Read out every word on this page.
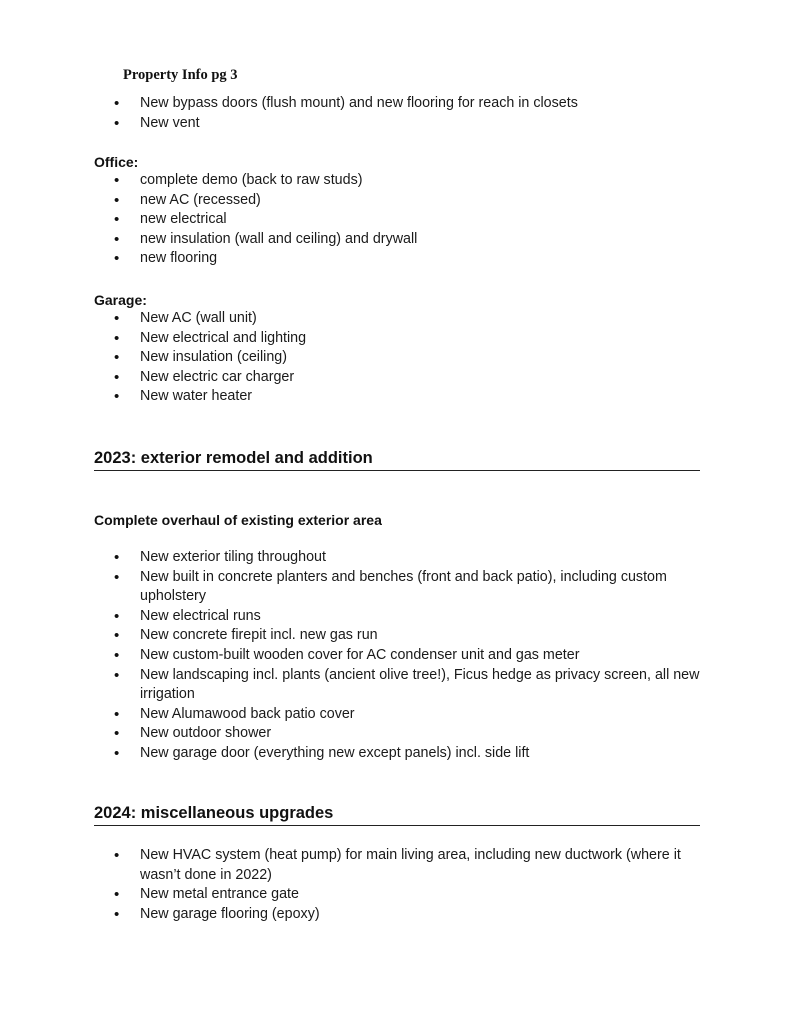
Property Info pg 3
• New bypass doors (flush mount) and new flooring for reach in closets
• New vent
Office:
• complete demo (back to raw studs)
• new AC (recessed)
• new electrical
• new insulation (wall and ceiling) and drywall
• new flooring
Garage:
• New AC (wall unit)
• New electrical and lighting
• New insulation (ceiling)
• New electric car charger
• New water heater
2023: exterior remodel and addition
Complete overhaul of existing exterior area
• New exterior tiling throughout
• New built in concrete planters and benches (front and back patio), including custom upholstery
• New electrical runs
• New concrete firepit incl. new gas run
• New custom-built wooden cover for AC condenser unit and gas meter
• New landscaping incl. plants (ancient olive tree!), Ficus hedge as privacy screen, all new irrigation
• New Alumawood back patio cover
• New outdoor shower
• New garage door (everything new except panels) incl. side lift
2024: miscellaneous upgrades
• New HVAC system (heat pump) for main living area, including new ductwork (where it wasn’t done in 2022)
• New metal entrance gate
• New garage flooring (epoxy)
